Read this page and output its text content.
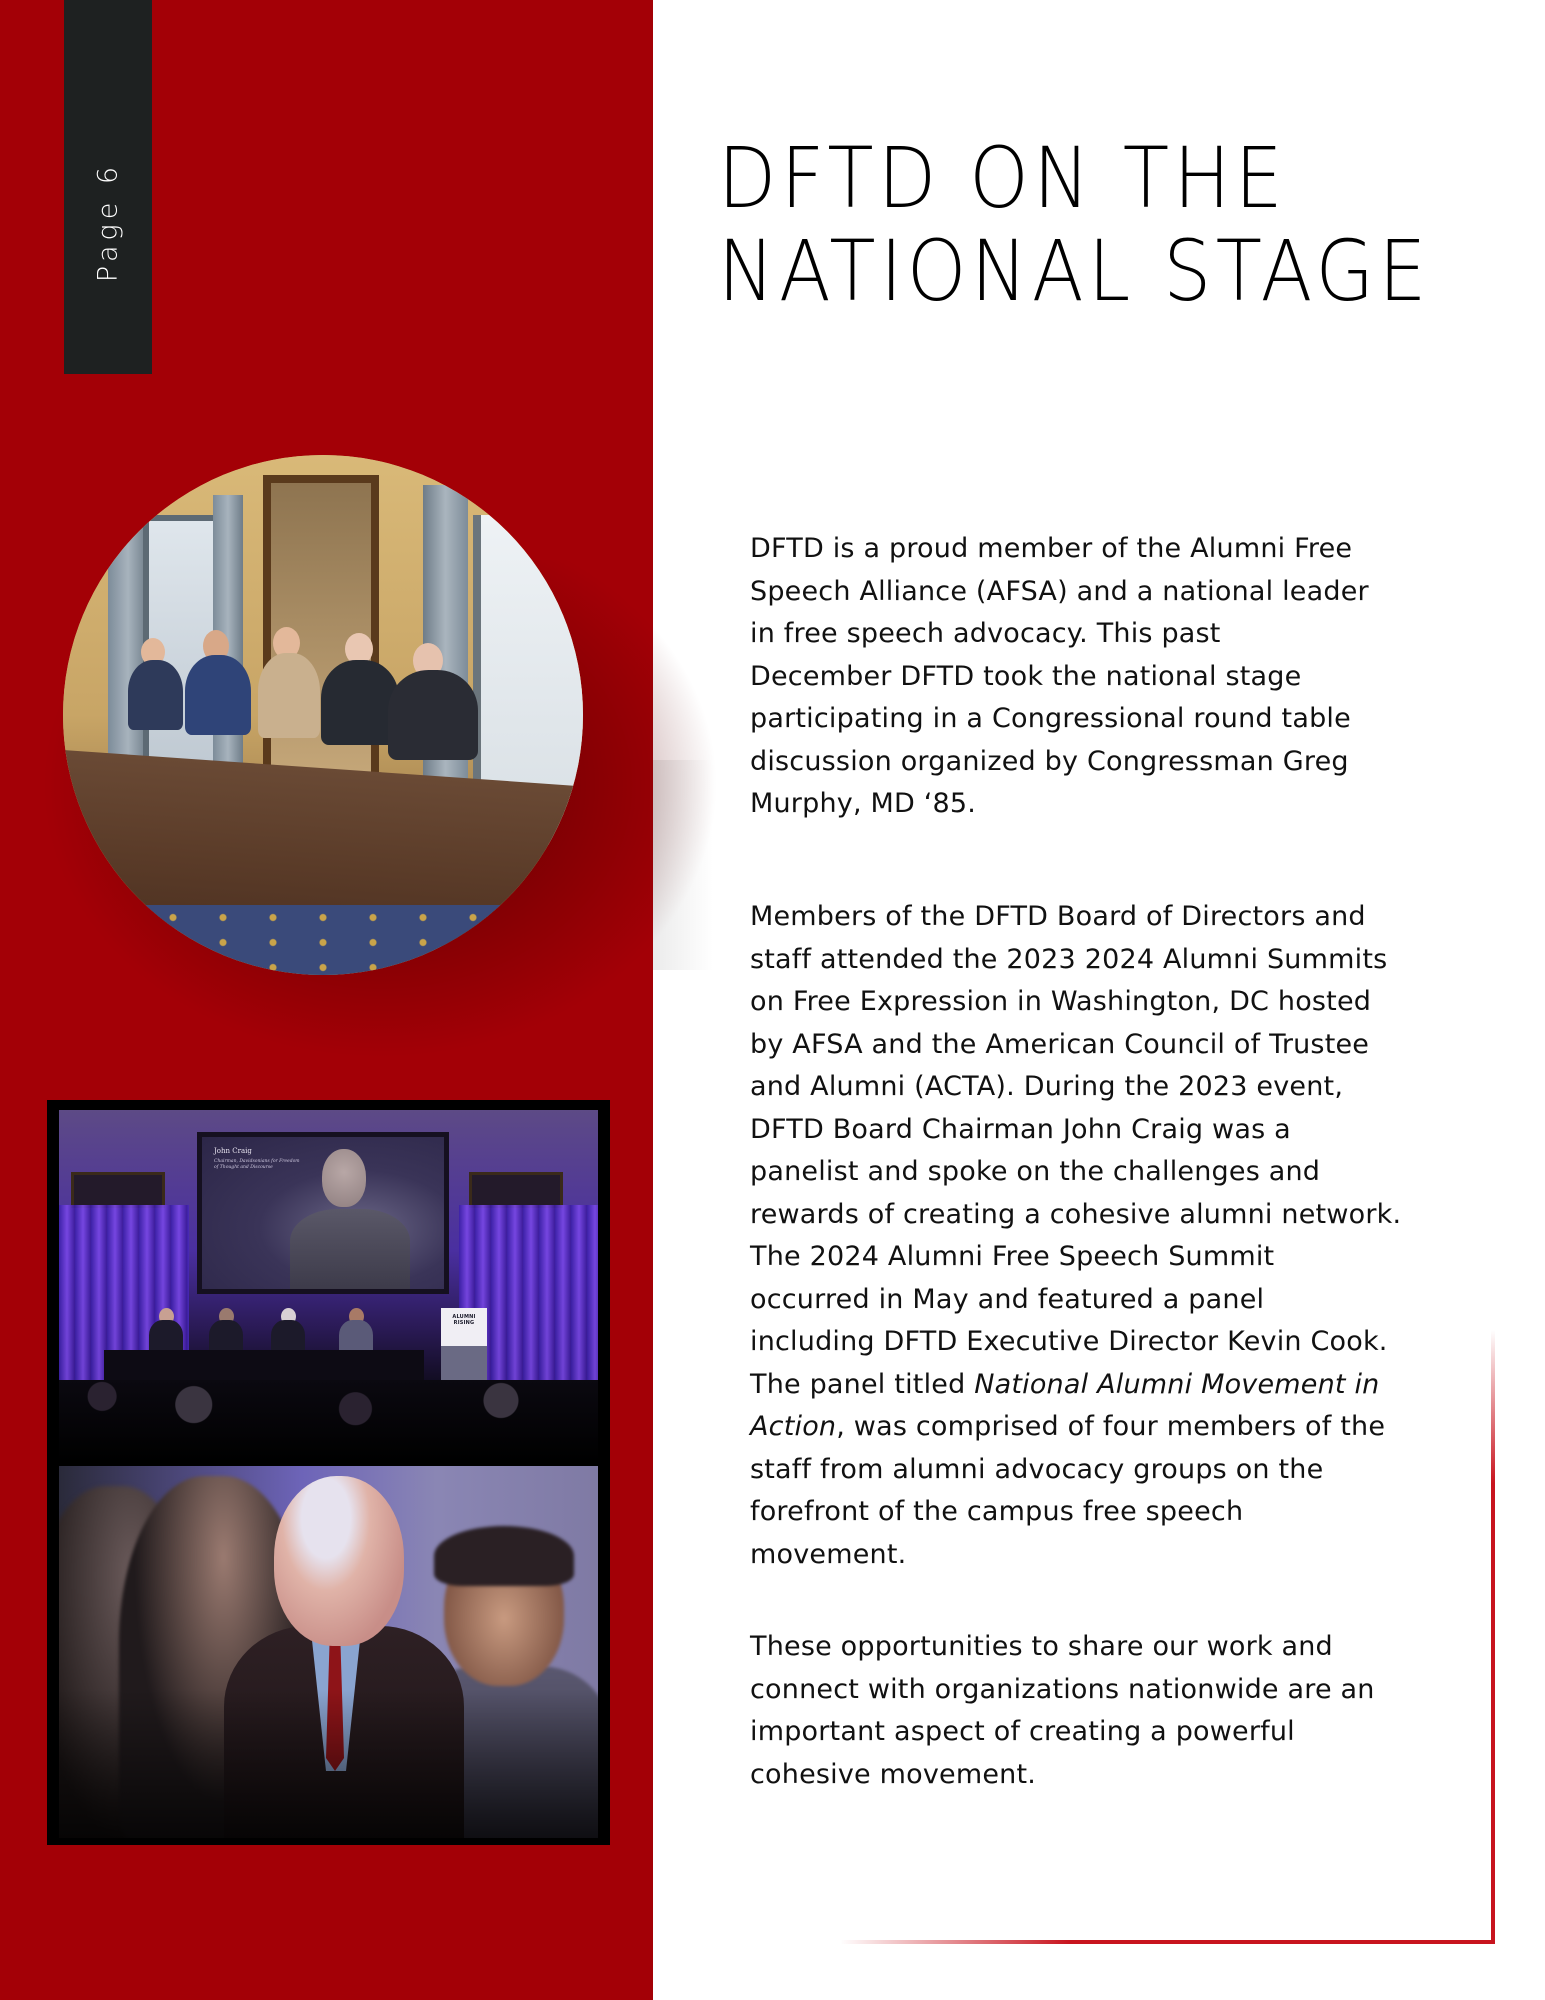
Page 6
John Craig
Chairman, Davidsonians for Freedom of Thought and Discourse
ALUMNI RISING
DFTD ON THE
NATIONAL STAGE

DFTD is a proud member of the Alumni Free
Speech Alliance (AFSA) and a national leader
in free speech advocacy. This past
December DFTD took the national stage
participating in a Congressional round table
discussion organized by Congressman Greg
Murphy, MD ‘85.

Members of the DFTD Board of Directors and
staff attended the 2023 2024 Alumni Summits
on Free Expression in Washington, DC hosted
by AFSA and the American Council of Trustee
and Alumni (ACTA). During the 2023 event,
DFTD Board Chairman John Craig was a
panelist and spoke on the challenges and
rewards of creating a cohesive alumni network.
The 2024 Alumni Free Speech Summit
occurred in May and featured a panel
including DFTD Executive Director Kevin Cook.
The panel titled National Alumni Movement in
Action, was comprised of four members of the
staff from alumni advocacy groups on the
forefront of the campus free speech
movement.

These opportunities to share our work and
connect with organizations nationwide are an
important aspect of creating a powerful
cohesive movement.
